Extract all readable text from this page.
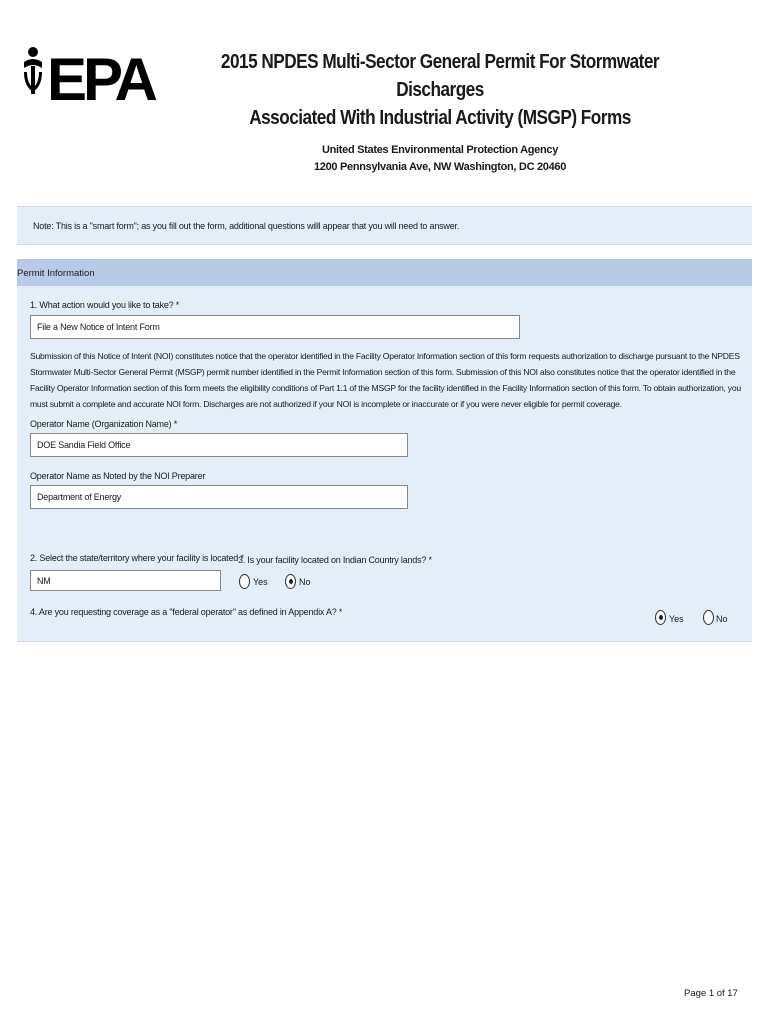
EPA	2015 NPDES Multi-Sector General Permit For Stormwater Discharges
Associated With Industrial Activity (MSGP) Forms
United States Environmental Protection Agency
1200 Pennsylvania Ave, NW Washington, DC 20460
Note: This is a "smart form"; as you fill out the form, additional questions willl appear that you will need to answer.
Permit Information
1. What action would you like to take? *
File a New Notice of Intent Form
Submission of this Notice of Intent (NOI) constitutes notice that the operator identified in the Facility Operator Information section of this form requests authorization to discharge pursuant to the NPDES Stormwater Multi-Sector General Permit (MSGP) permit number identified in the Permit Information section of this form. Submission of this NOI also constitutes notice that the operator identified in the Facility Operator Information section of this form meets the eligibility conditions of Part 1.1 of the MSGP for the facility identified in the Facility Information section of this form. To obtain authorization, you must submit a complete and accurate NOI form. Discharges are not authorized if your NOI is incomplete or inaccurate or if you were never eligible for permit coverage.
Operator Name (Organization Name) *
DOE Sandia Field Office
Operator Name as Noted by the NOI Preparer
Department of Energy
2. Select the state/territory where your facility is located *
NM
3. Is your facility located on Indian Country lands? *
Yes	No
4. Are you requesting coverage as a "federal operator" as defined in Appendix A? *
Yes	No
Page 1 of 17
